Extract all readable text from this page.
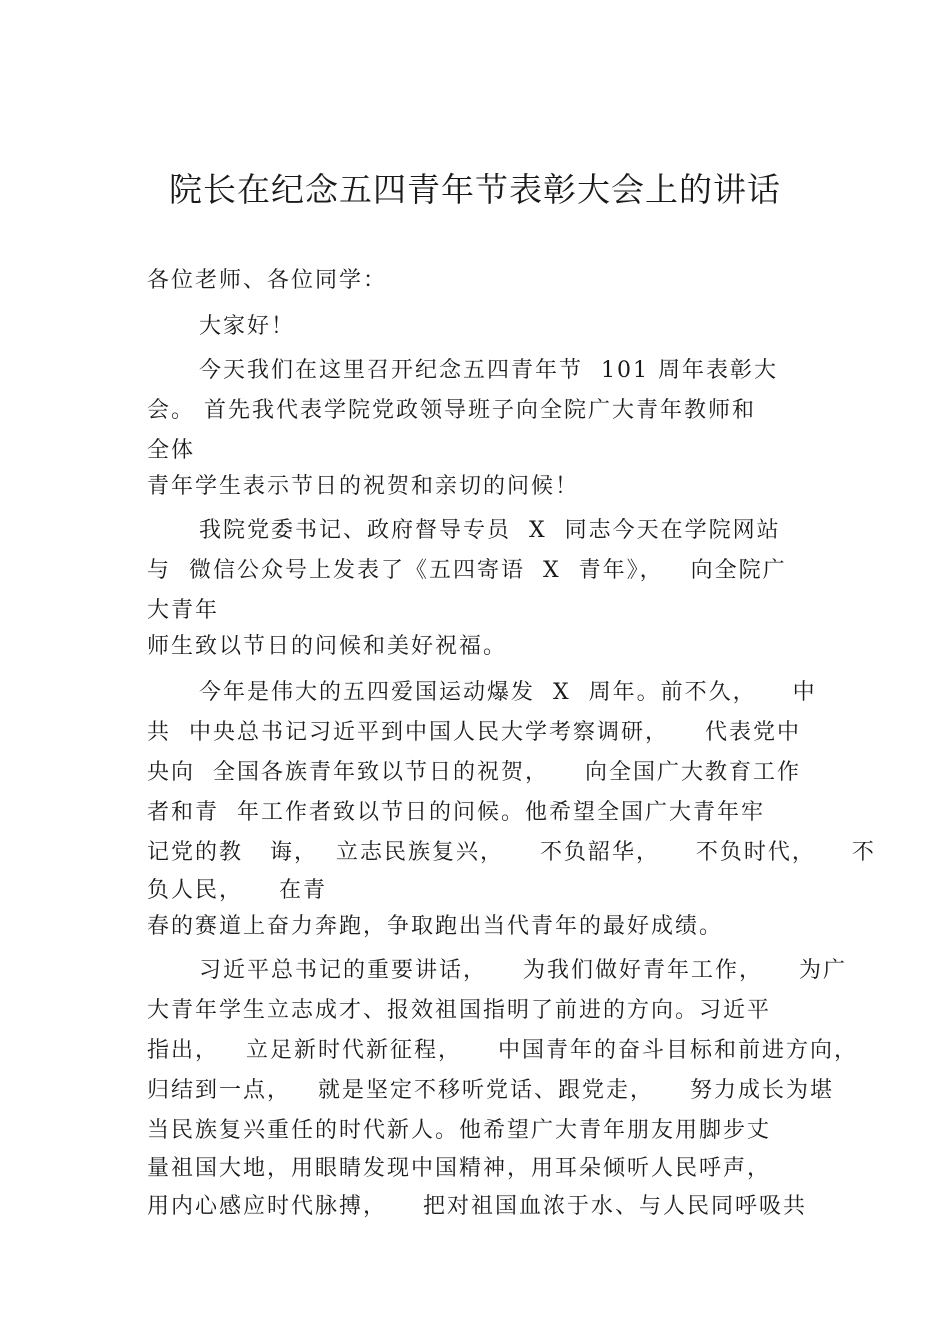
院长在纪念五四青年节表彰大会上的讲话
各位老师、各位同学：
大家好！
今天我们在这里召开纪念五四青年节  101 周年表彰大
会。 首先我代表学院党政领导班子向全院广大青年教师和
全体
青年学生表示节日的祝贺和亲切的问候！
我院党委书记、政府督导专员  X  同志今天在学院网站
与  微信公众号上发表了《五四寄语  X  青年》，   向全院广
大青年
师生致以节日的问候和美好祝福。
今年是伟大的五四爱国运动爆发  X  周年。前不久，    中
共  中央总书记习近平到中国人民大学考察调研，    代表党中
央向  全国各族青年致以节日的祝贺，    向全国广大教育工作
者和青  年工作者致以节日的问候。他希望全国广大青年牢
记党的教   诲，  立志民族复兴，    不负韶华，    不负时代，    不
负人民，    在青
春的赛道上奋力奔跑，争取跑出当代青年的最好成绩。
习近平总书记的重要讲话，    为我们做好青年工作，    为广
大青年学生立志成才、报效祖国指明了前进的方向。习近平
指出，   立足新时代新征程，    中国青年的奋斗目标和前进方向，
归结到一点，   就是坚定不移听党话、跟党走，    努力成长为堪
当民族复兴重任的时代新人。他希望广大青年朋友用脚步丈
量祖国大地，用眼睛发现中国精神，用耳朵倾听人民呼声，
用内心感应时代脉搏，    把对祖国血浓于水、与人民同呼吸共
